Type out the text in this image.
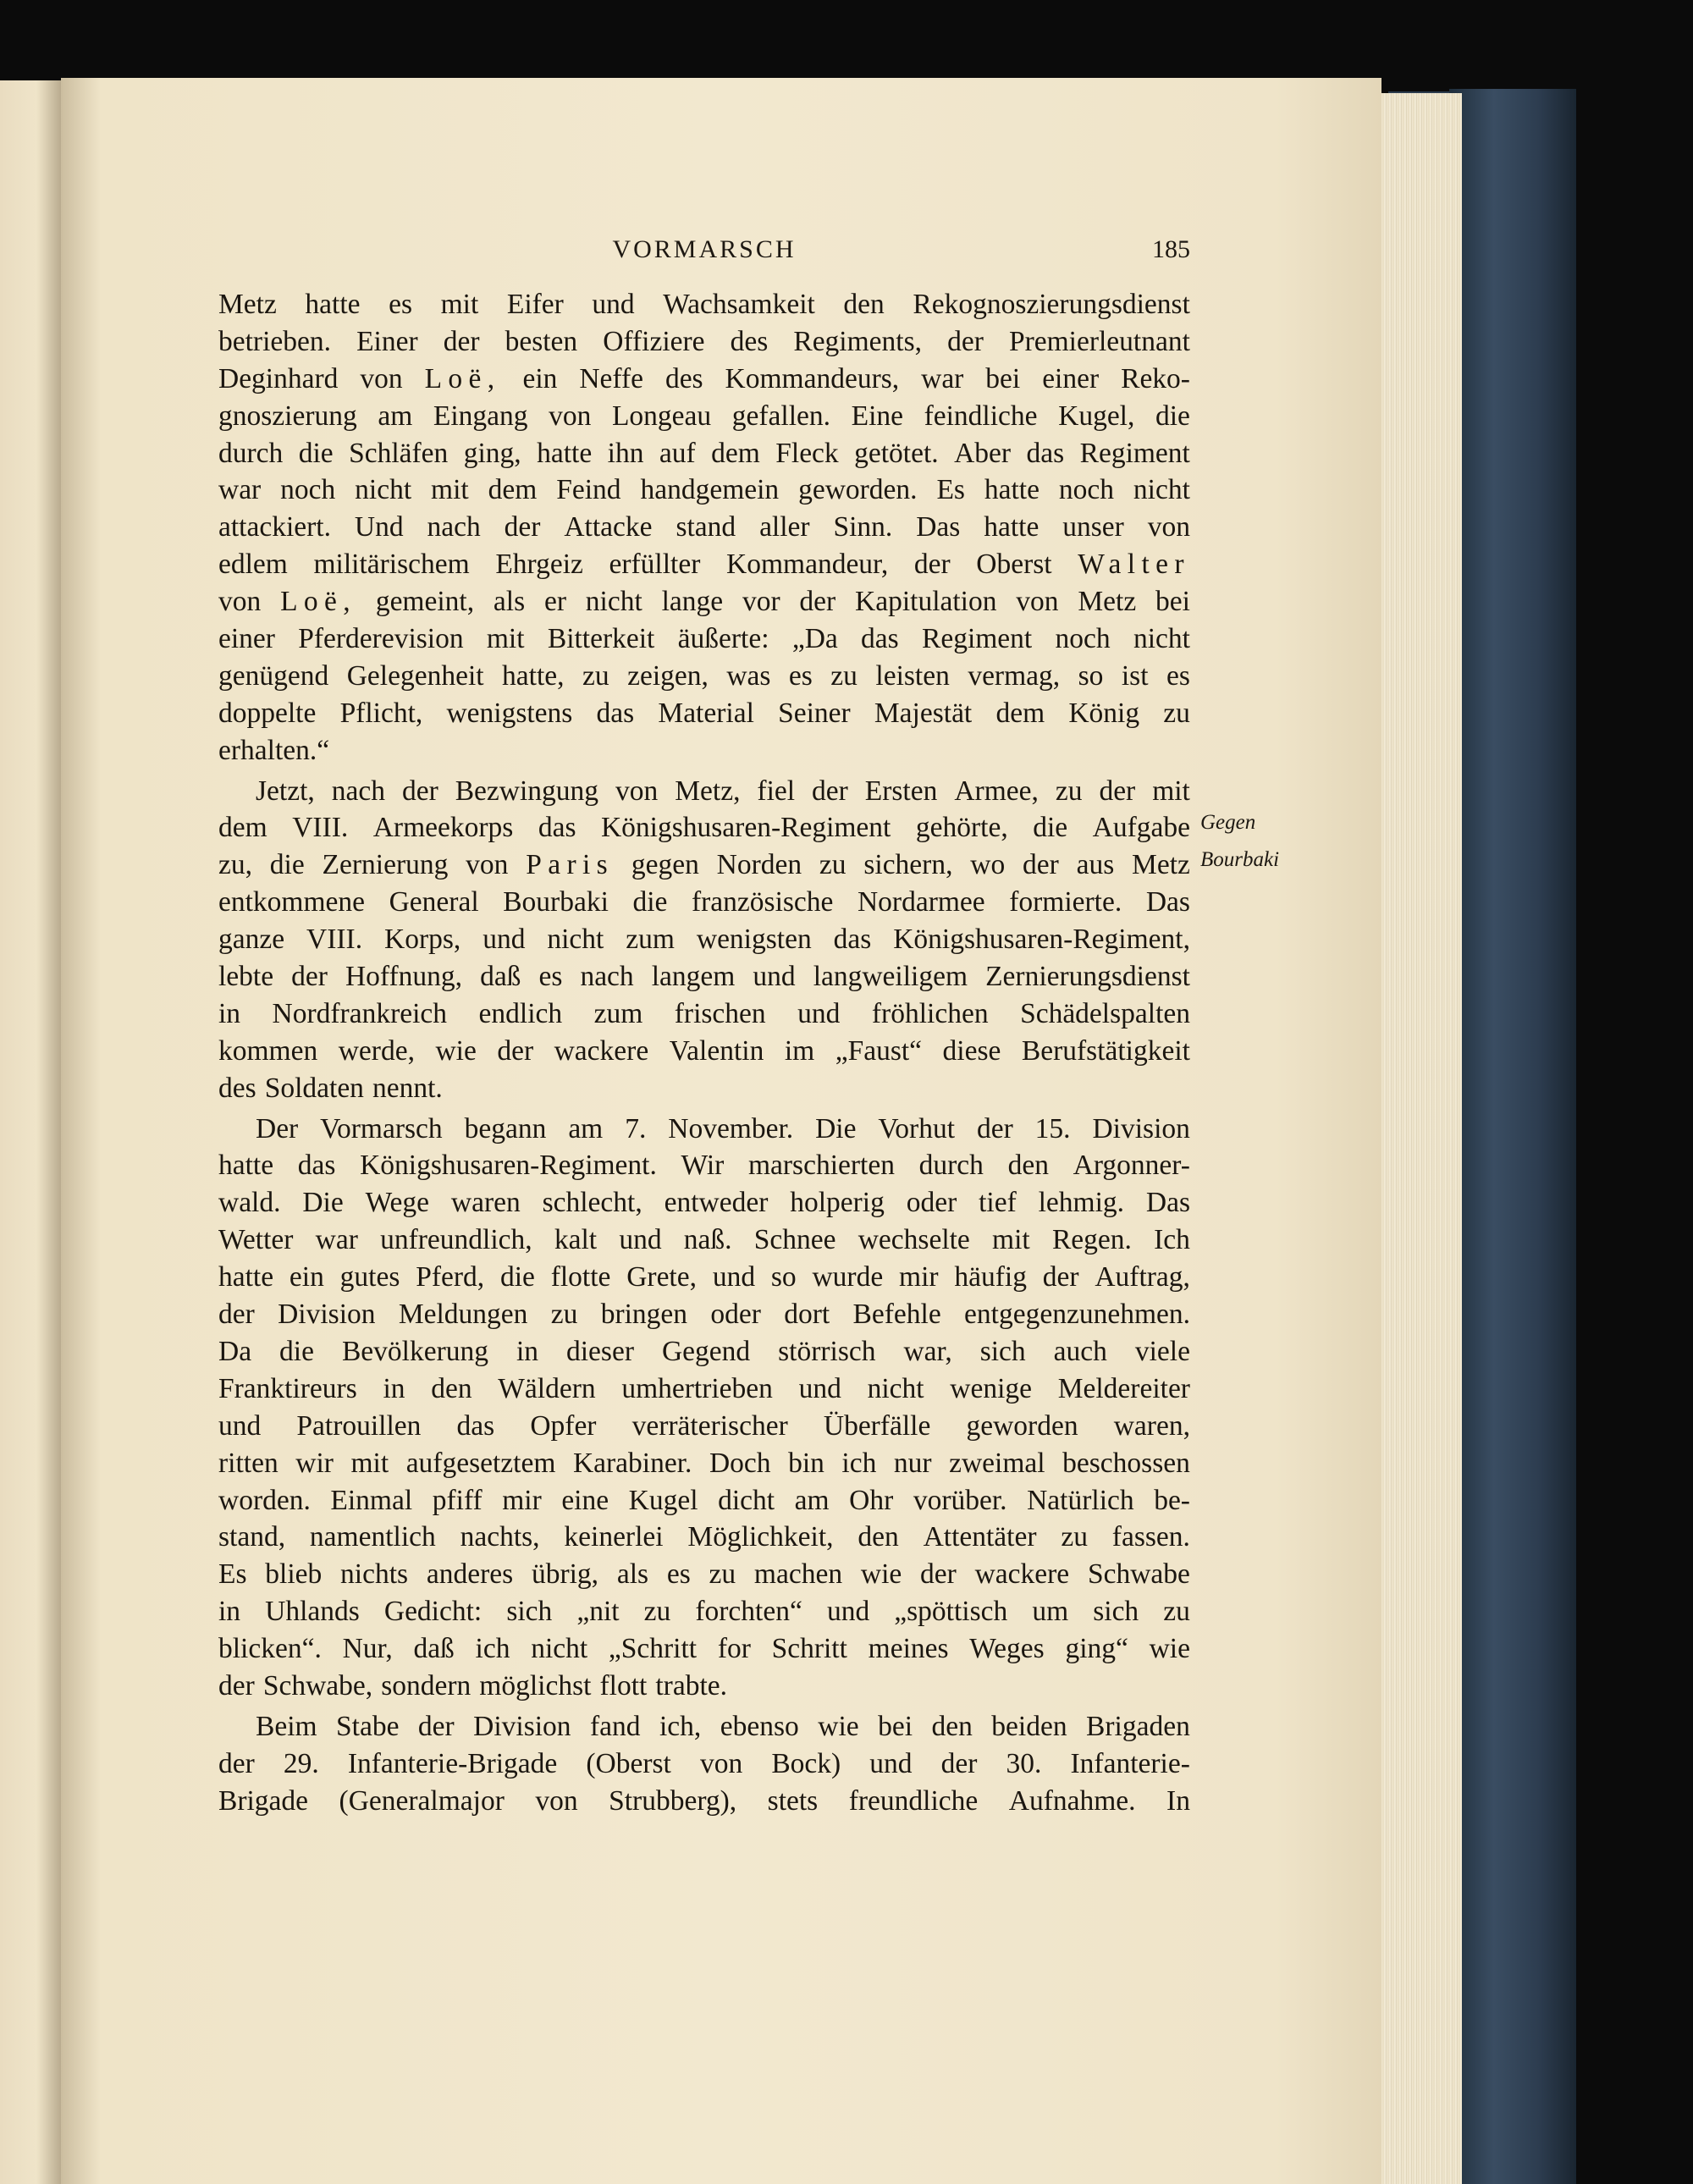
VORMARSCH	185
Metz hatte es mit Eifer und Wachsamkeit den Rekognoszierungsdienst
betrieben. Einer der besten Offiziere des Regiments, der Premierleutnant
Deginhard von Loë, ein Neffe des Kommandeurs, war bei einer Reko-
gnoszierung am Eingang von Longeau gefallen. Eine feindliche Kugel, die
durch die Schläfen ging, hatte ihn auf dem Fleck getötet. Aber das Regiment
war noch nicht mit dem Feind handgemein geworden. Es hatte noch nicht
attackiert. Und nach der Attacke stand aller Sinn. Das hatte unser von
edlem militärischem Ehrgeiz erfüllter Kommandeur, der Oberst Walter
von Loë, gemeint, als er nicht lange vor der Kapitulation von Metz bei
einer Pferderevision mit Bitterkeit äußerte: „Da das Regiment noch nicht
genügend Gelegenheit hatte, zu zeigen, was es zu leisten vermag, so ist es
doppelte Pflicht, wenigstens das Material Seiner Majestät dem König zu
erhalten.“
Jetzt, nach der Bezwingung von Metz, fiel der Ersten Armee, zu der mit
dem VIII. Armeekorps das Königshusaren-Regiment gehörte, die Aufgabe
zu, die Zernierung von Paris gegen Norden zu sichern, wo der aus Metz
entkommene General Bourbaki die französische Nordarmee formierte. Das
ganze VIII. Korps, und nicht zum wenigsten das Königshusaren-Regiment,
lebte der Hoffnung, daß es nach langem und langweiligem Zernierungsdienst
in Nordfrankreich endlich zum frischen und fröhlichen Schädelspalten
kommen werde, wie der wackere Valentin im „Faust“ diese Berufstätigkeit
des Soldaten nennt.
Der Vormarsch begann am 7. November. Die Vorhut der 15. Division
hatte das Königshusaren-Regiment. Wir marschierten durch den Argonner-
wald. Die Wege waren schlecht, entweder holperig oder tief lehmig. Das
Wetter war unfreundlich, kalt und naß. Schnee wechselte mit Regen. Ich
hatte ein gutes Pferd, die flotte Grete, und so wurde mir häufig der Auftrag,
der Division Meldungen zu bringen oder dort Befehle entgegenzunehmen.
Da die Bevölkerung in dieser Gegend störrisch war, sich auch viele
Franktireurs in den Wäldern umhertrieben und nicht wenige Meldereiter
und Patrouillen das Opfer verräterischer Überfälle geworden waren,
ritten wir mit aufgesetztem Karabiner. Doch bin ich nur zweimal beschossen
worden. Einmal pfiff mir eine Kugel dicht am Ohr vorüber. Natürlich be-
stand, namentlich nachts, keinerlei Möglichkeit, den Attentäter zu fassen.
Es blieb nichts anderes übrig, als es zu machen wie der wackere Schwabe
in Uhlands Gedicht: sich „nit zu forchten“ und „spöttisch um sich zu
blicken“. Nur, daß ich nicht „Schritt for Schritt meines Weges ging“ wie
der Schwabe, sondern möglichst flott trabte.
Beim Stabe der Division fand ich, ebenso wie bei den beiden Brigaden
der 29. Infanterie-Brigade (Oberst von Bock) und der 30. Infanterie-
Brigade (Generalmajor von Strubberg), stets freundliche Aufnahme. In
Gegen
Bourbaki
